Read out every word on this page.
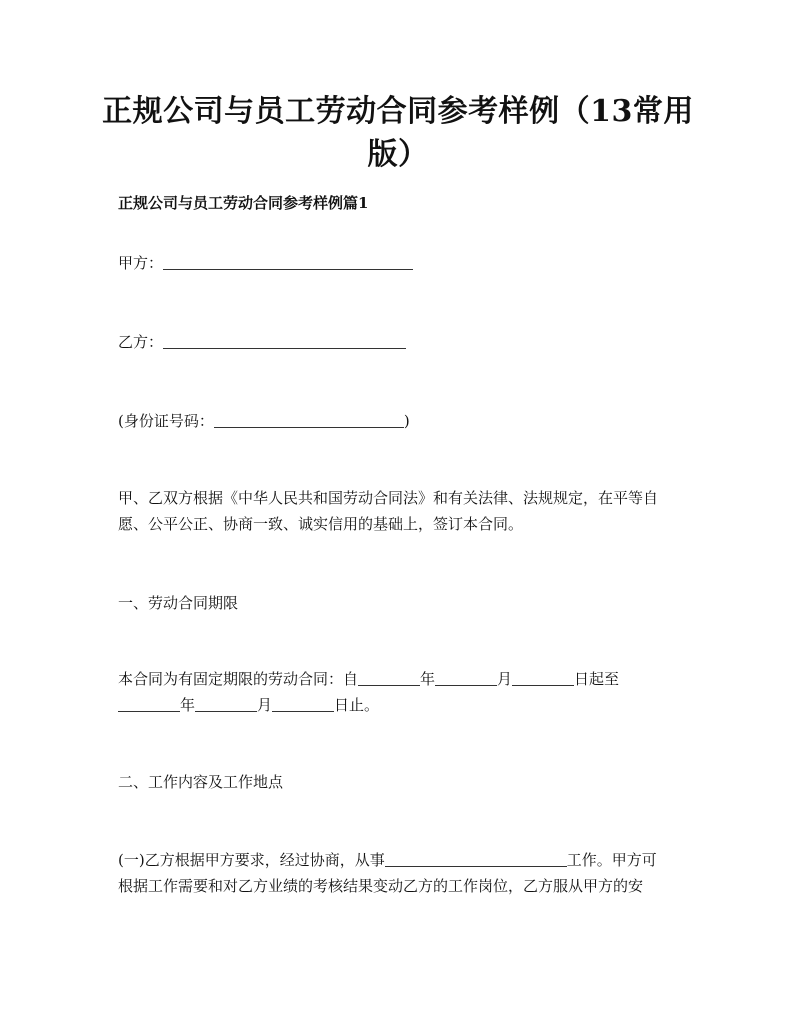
正规公司与员工劳动合同参考样例（13常用
版）
正规公司与员工劳动合同参考样例篇1
甲方：
乙方：
(身份证号码：	)
甲、乙双方根据《中华人民共和国劳动合同法》和有关法律、法规规定，在平等自
愿、公平公正、协商一致、诚实信用的基础上，签订本合同。
一、劳动合同期限
本合同为有固定期限的劳动合同：自	年	月	日起至
年	月	日止。
二、工作内容及工作地点
(一)乙方根据甲方要求，经过协商，从事	工作。甲方可
根据工作需要和对乙方业绩的考核结果变动乙方的工作岗位，乙方服从甲方的安
